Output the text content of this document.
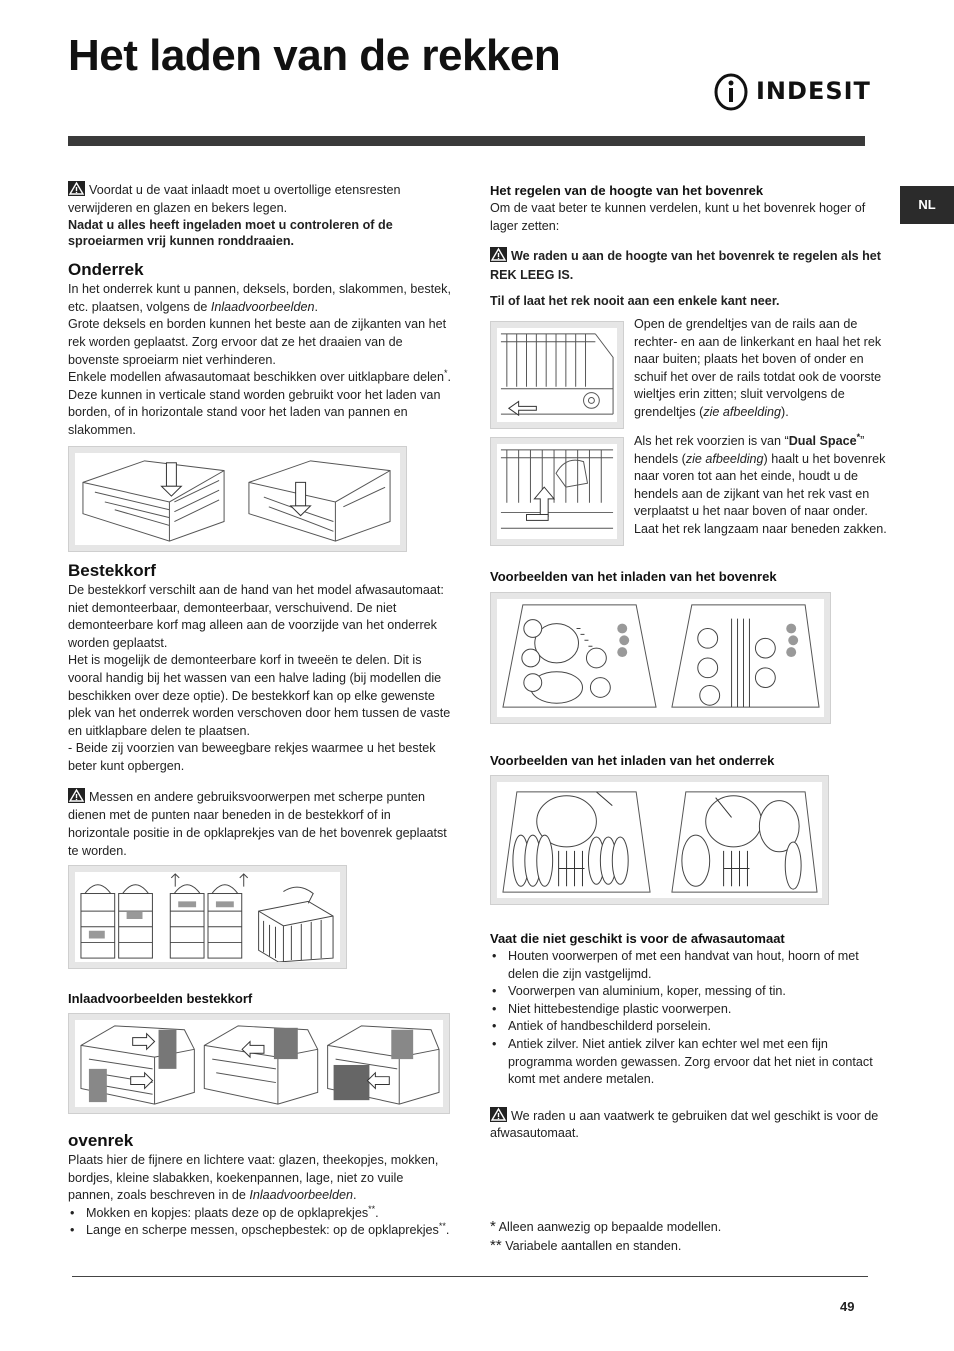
Het laden van de rekken
INDESIT
NL

Voordat u de vaat inlaadt moet u overtollige etensresten verwijderen en glazen en bekers legen.

Nadat u alles heeft ingeladen moet u controleren of de sproeiarmen vrij kunnen ronddraaien.

Onderrek

In het onderrek kunt u pannen, deksels, borden, slakommen, bestek, etc. plaatsen, volgens de Inlaadvoorbeelden.

Grote deksels en borden kunnen het beste aan de zijkanten van het rek worden geplaatst. Zorg ervoor dat ze het draaien van de bovenste sproeiarm niet verhinderen.

Enkele modellen afwasautomaat beschikken over uitklapbare delen*. Deze kunnen in verticale stand worden gebruikt voor het laden van borden, of in horizontale stand voor het laden van pannen en slakommen.

Bestekkorf

De bestekkorf verschilt aan de hand van het model afwasautomaat: niet demonteerbaar, demonteerbaar, verschuivend. De niet demonteerbare korf mag alleen aan de voorzijde van het onderrek worden geplaatst.

Het is mogelijk de demonteerbare korf in tweeën te delen. Dit is vooral handig bij het wassen van een halve lading (bij modellen die beschikken over deze optie). De bestekkorf kan op elke gewenste plek van het onderrek worden verschoven door hem tussen de vaste en uitklapbare delen te plaatsen.

- Beide zij voorzien van beweegbare rekjes waarmee u het bestek beter kunt opbergen.

Messen en andere gebruiksvoorwerpen met scherpe punten dienen met de punten naar beneden in de bestekkorf of in horizontale positie in de opklaprekjes van de het bovenrek geplaatst te worden.

Inlaadvoorbeelden bestekkorf
ovenrek

Plaats hier de fijnere en lichtere vaat: glazen, theekopjes, mokken, bordjes, kleine slabakken, koekenpannen, lage, niet zo vuile pannen, zoals beschreven in de Inlaadvoorbeelden.

• Mokken en kopjes: plaats deze op de opklaprekjes**.
• Lange en scherpe messen, opschepbestek: op de opklaprekjes**.
Het regelen van de hoogte van het bovenrek

Om de vaat beter te kunnen verdelen, kunt u het bovenrek hoger of lager zetten:

We raden u aan de hoogte van het bovenrek te regelen als het REK LEEG IS.

Til of laat het rek nooit aan een enkele kant neer.

Open de grendeltjes van de rails aan de rechter- en aan de linkerkant en haal het rek naar buiten; plaats het boven of onder en schuif het over de rails totdat ook de voorste wieltjes erin zitten; sluit vervolgens de grendeltjes (zie afbeelding).

Als het rek voorzien is van “Dual Space*” hendels (zie afbeelding) haalt u het bovenrek naar voren tot aan het einde, houdt u de hendels aan de zijkant van het rek vast en verplaatst u het naar boven of naar onder. Laat het rek langzaam naar beneden zakken.

Voorbeelden van het inladen van het bovenrek
Voorbeelden van het inladen van het onderrek
Vaat die niet geschikt is voor de afwasautomaat
• Houten voorwerpen of met een handvat van hout, hoorn of met delen die zijn vastgelijmd.
• Voorwerpen van aluminium, koper, messing of tin.
• Niet hittebestendige plastic voorwerpen.
• Antiek of handbeschilderd porselein.
• Antiek zilver. Niet antiek zilver kan echter wel met een fijn programma worden gewassen. Zorg ervoor dat het niet in contact komt met andere metalen.

We raden u aan vaatwerk te gebruiken dat wel geschikt is voor de afwasautomaat.

* Alleen aanwezig op bepaalde modellen.

** Variabele aantallen en standen.

49
